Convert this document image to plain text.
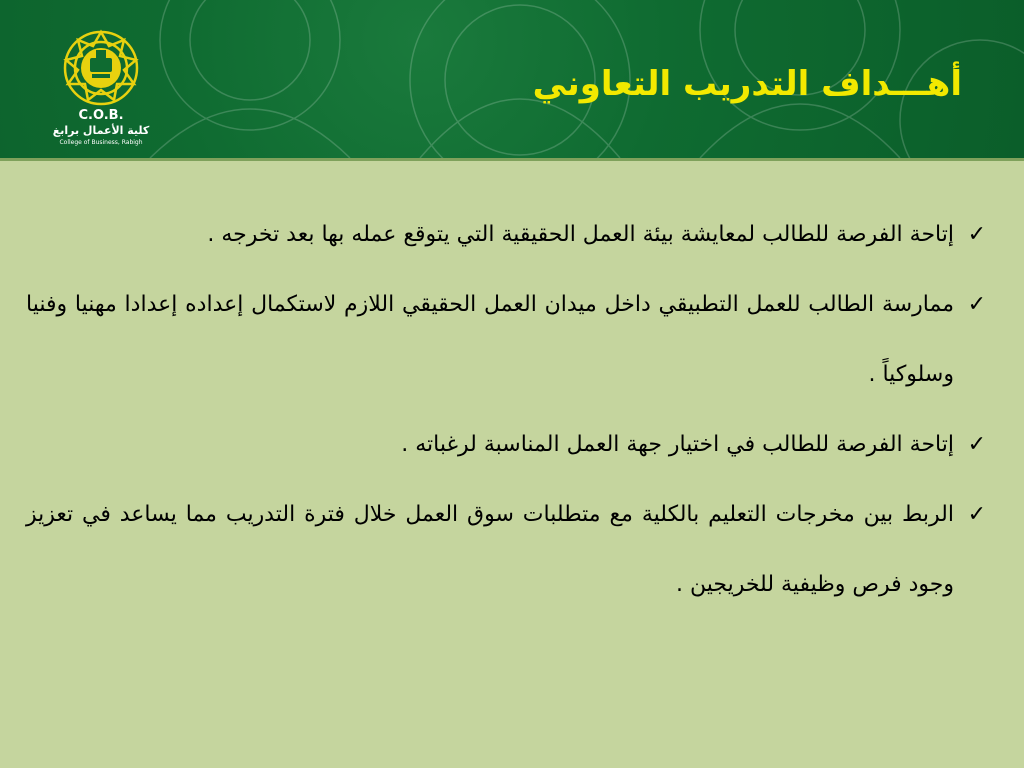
C.O.B.
كلية الأعمال برابغ
College of Business, Rabigh
أهـــداف التدريب التعاوني

✓
إتاحة الفرصة للطالب لمعايشة بيئة العمل الحقيقية التي يتوقع عمله بها بعد تخرجه .

✓
ممارسة الطالب للعمل التطبيقي داخل ميدان العمل الحقيقي اللازم لاستكمال إعداده إعدادا مهنيا وفنيا وسلوكياً .

✓
إتاحة الفرصة للطالب في اختيار جهة العمل المناسبة لرغباته .

✓
الربط بين مخرجات التعليم بالكلية مع متطلبات سوق العمل خلال فترة التدريب مما يساعد في تعزيز وجود فرص وظيفية للخريجين .
